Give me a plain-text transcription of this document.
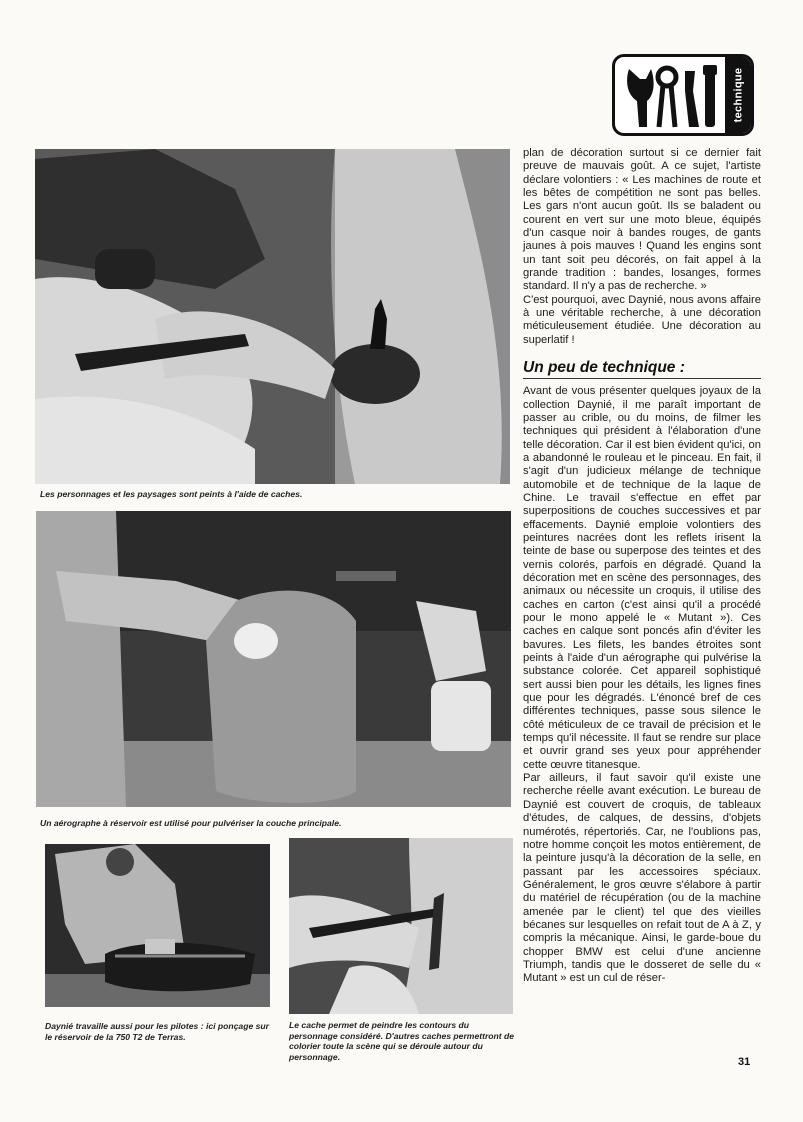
technique

Les personnages et les paysages sont peints à l'aide de caches.

Un aérographe à réservoir est utilisé pour pulvériser la couche principale.

Daynié travaille aussi pour les pilotes : ici ponçage sur le réservoir de la 750 T2 de Terras.

Le cache permet de peindre les contours du personnage considéré. D'autres caches permettront de colorier toute la scène qui se déroule autour du personnage.

plan de décoration surtout si ce dernier fait preuve de mauvais goût. A ce sujet, l'artiste déclare volontiers : « Les machines de route et les bêtes de compétition ne sont pas belles. Les gars n'ont aucun goût. Ils se baladent ou courent en vert sur une moto bleue, équipés d'un casque noir à bandes rouges, de gants jaunes à pois mauves ! Quand les engins sont un tant soit peu décorés, on fait appel à la grande tradition : bandes, losanges, formes standard. Il n'y a pas de recherche. »

C'est pourquoi, avec Daynié, nous avons affaire à une véritable recherche, à une décoration méticuleusement étudiée. Une décoration au superlatif !

Un peu de technique :

Avant de vous présenter quelques joyaux de la collection Daynié, il me paraît important de passer au crible, ou du moins, de filmer les techniques qui président à l'élaboration d'une telle décoration. Car il est bien évident qu'ici, on a abandonné le rouleau et le pinceau. En fait, il s'agit d'un judicieux mélange de technique automobile et de technique de la laque de Chine. Le travail s'effectue en effet par superpositions de couches successives et par effacements. Daynié emploie volontiers des peintures nacrées dont les reflets irisent la teinte de base ou superpose des teintes et des vernis colorés, parfois en dégradé. Quand la décoration met en scène des personnages, des animaux ou nécessite un croquis, il utilise des caches en carton (c'est ainsi qu'il a procédé pour le mono appelé le « Mutant »). Ces caches en calque sont poncés afin d'éviter les bavures. Les filets, les bandes étroites sont peints à l'aide d'un aérographe qui pulvérise la substance colorée. Cet appareil sophistiqué sert aussi bien pour les détails, les lignes fines que pour les dégradés. L'énoncé bref de ces différentes techniques, passe sous silence le côté méticuleux de ce travail de précision et le temps qu'il nécessite. Il faut se rendre sur place et ouvrir grand ses yeux pour appréhender cette œuvre titanesque.

Par ailleurs, il faut savoir qu'il existe une recherche réelle avant exécution. Le bureau de Daynié est couvert de croquis, de tableaux d'études, de calques, de dessins, d'objets numérotés, répertoriés. Car, ne l'oublions pas, notre homme conçoit les motos entièrement, de la peinture jusqu'à la décoration de la selle, en passant par les accessoires spéciaux. Généralement, le gros œuvre s'élabore à partir du matériel de récupération (ou de la machine amenée par le client) tel que des vieilles bécanes sur lesquelles on refait tout de A à Z, y compris la mécanique. Ainsi, le garde-boue du chopper BMW est celui d'une ancienne Triumph, tandis que le dosseret de selle du « Mutant » est un cul de réser-

31
